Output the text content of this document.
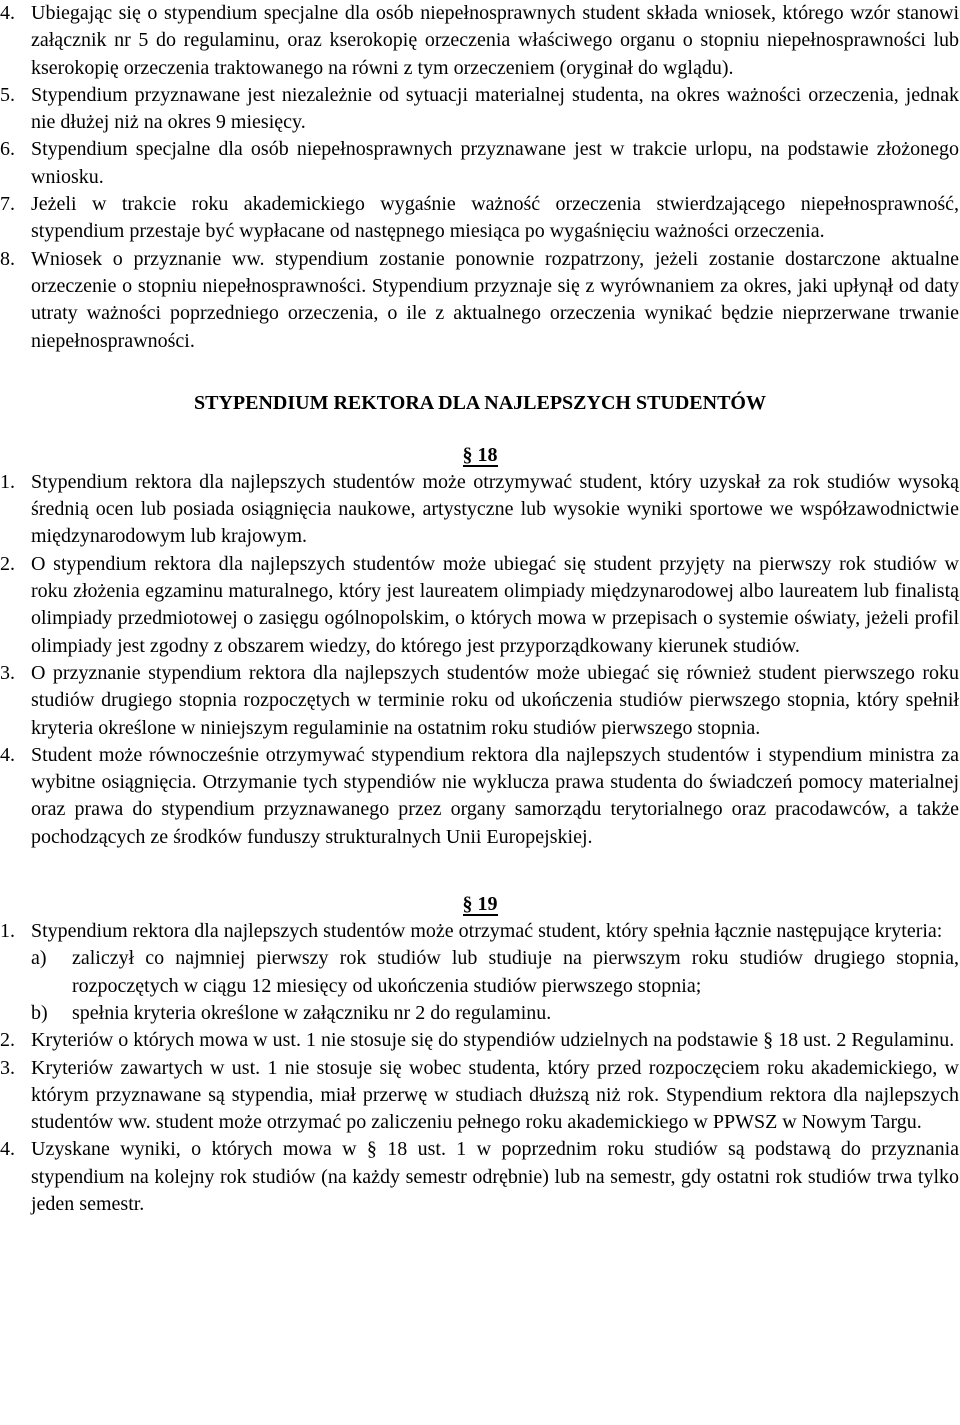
4. Ubiegając się o stypendium specjalne dla osób niepełnosprawnych student składa wniosek, którego wzór stanowi załącznik nr 5 do regulaminu, oraz kserokopię orzeczenia właściwego organu o stopniu niepełnosprawności lub kserokopię orzeczenia traktowanego na równi z tym orzeczeniem (oryginał do wglądu).
5. Stypendium przyznawane jest niezależnie od sytuacji materialnej studenta, na okres ważności orzeczenia, jednak nie dłużej niż na okres 9 miesięcy.
6. Stypendium specjalne dla osób niepełnosprawnych przyznawane jest w trakcie urlopu, na podstawie złożonego wniosku.
7. Jeżeli w trakcie roku akademickiego wygaśnie ważność orzeczenia stwierdzającego niepełnosprawność, stypendium przestaje być wypłacane od następnego miesiąca po wygaśnięciu ważności orzeczenia.
8. Wniosek o przyznanie ww. stypendium zostanie ponownie rozpatrzony, jeżeli zostanie dostarczone aktualne orzeczenie o stopniu niepełnosprawności. Stypendium przyznaje się z wyrównaniem za okres, jaki upłynął od daty utraty ważności poprzedniego orzeczenia, o ile z aktualnego orzeczenia wynikać będzie nieprzerwane trwanie niepełnosprawności.
STYPENDIUM REKTORA DLA NAJLEPSZYCH STUDENTÓW
§ 18
1. Stypendium rektora dla najlepszych studentów może otrzymywać student, który uzyskał za rok studiów wysoką średnią ocen lub posiada osiągnięcia naukowe, artystyczne lub wysokie wyniki sportowe we współzawodnictwie międzynarodowym lub krajowym.
2. O stypendium rektora dla najlepszych studentów może ubiegać się student przyjęty na pierwszy rok studiów w roku złożenia egzaminu maturalnego, który jest laureatem olimpiady międzynarodowej albo laureatem lub finalistą olimpiady przedmiotowej o zasięgu ogólnopolskim, o których mowa w przepisach o systemie oświaty, jeżeli profil olimpiady jest zgodny z obszarem wiedzy, do którego jest przyporządkowany kierunek studiów.
3. O przyznanie stypendium rektora dla najlepszych studentów może ubiegać się również student pierwszego roku studiów drugiego stopnia rozpoczętych w terminie roku od ukończenia studiów pierwszego stopnia, który spełnił kryteria określone w niniejszym regulaminie na ostatnim roku studiów pierwszego stopnia.
4. Student może równocześnie otrzymywać stypendium rektora dla najlepszych studentów i stypendium ministra za wybitne osiągnięcia. Otrzymanie tych stypendiów nie wyklucza prawa studenta do świadczeń pomocy materialnej oraz prawa do stypendium przyznawanego przez organy samorządu terytorialnego oraz pracodawców, a także pochodzących ze środków funduszy strukturalnych Unii Europejskiej.
§ 19
1. Stypendium rektora dla najlepszych studentów może otrzymać student, który spełnia łącznie następujące kryteria:
a)	zaliczył co najmniej pierwszy rok studiów lub studiuje na pierwszym roku studiów drugiego stopnia, rozpoczętych w ciągu 12 miesięcy od ukończenia studiów pierwszego stopnia;
b)	spełnia kryteria określone w załączniku nr 2 do regulaminu.
2. Kryteriów o których mowa w ust. 1 nie stosuje się do stypendiów udzielnych na podstawie § 18 ust. 2 Regulaminu.
3. Kryteriów zawartych w ust. 1 nie stosuje się wobec studenta, który przed rozpoczęciem roku akademickiego, w którym przyznawane są stypendia, miał przerwę w studiach dłuższą niż rok. Stypendium rektora dla najlepszych studentów ww. student może otrzymać po zaliczeniu pełnego roku akademickiego w PPWSZ w Nowym Targu.
4. Uzyskane wyniki, o których mowa w § 18 ust. 1 w poprzednim roku studiów są podstawą do przyznania stypendium na kolejny rok studiów (na każdy semestr odrębnie) lub na semestr, gdy ostatni rok studiów trwa tylko jeden semestr.
